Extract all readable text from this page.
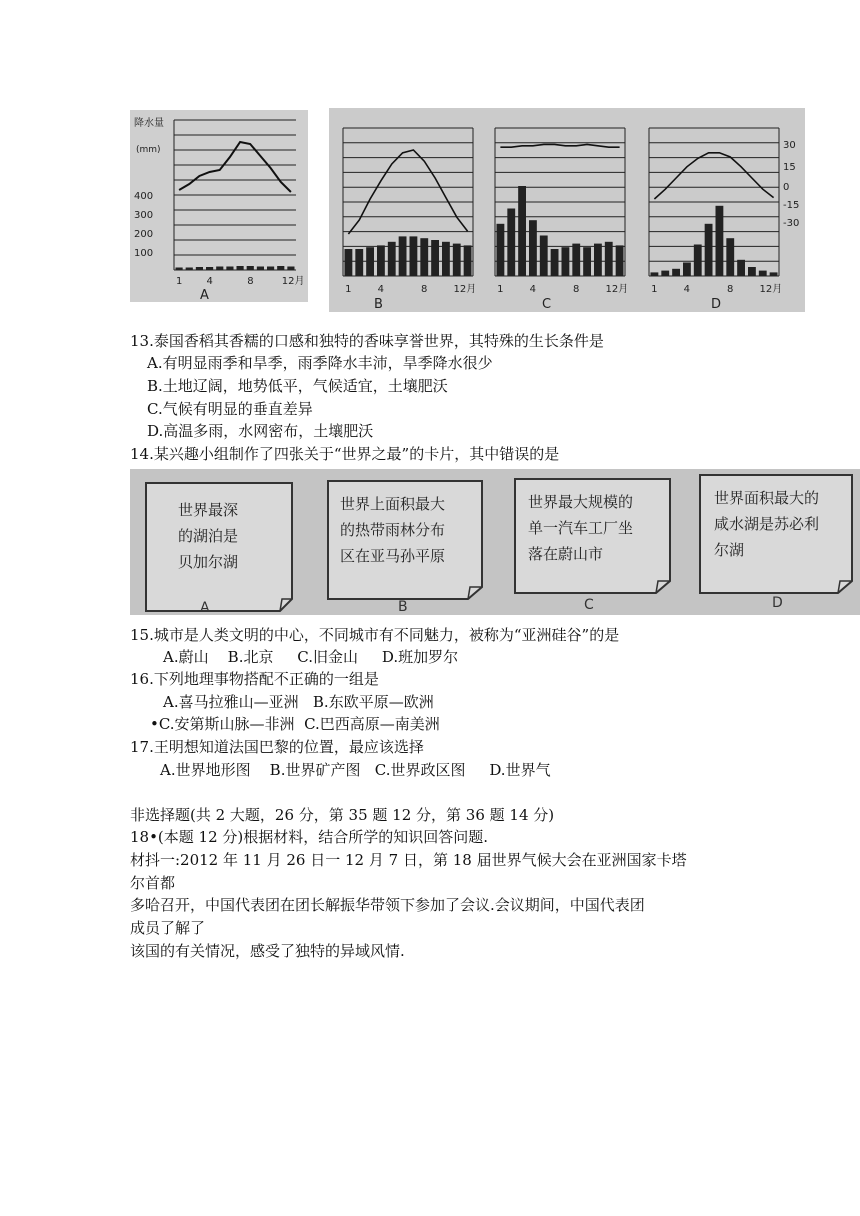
降水量
(mm)
400
300
200
100
1 4	8	12月
A	1	4	8	12月 1	4	8	12月 1	4	8	12月
30
15
0
-15
-30
B	C	D
13.泰国香稻其香糯的口感和独特的香味享誉世界，其特殊的生长条件是
A.有明显雨季和旱季，雨季降水丰沛，旱季降水很少
B.土地辽阔，地势低平，气候适宜，土壤肥沃
C.气候有明显的垂直差异
D.高温多雨，水网密布，土壤肥沃
14.某兴趣小组制作了四张关于“世界之最”的卡片，其中错误的是
世界最深
的湖泊是
贝加尔湖
A
世界上面积最大
的热带雨林分布
区在亚马孙平原
B
世界最大规模的
单一汽车工厂坐
落在蔚山市
C
世界面积最大的
咸水湖是苏必利
尔湖
D
15.城市是人类文明的中心，不同城市有不同魅力，被称为“亚洲硅谷”的是
A.蔚山    B.北京     C.旧金山     D.班加罗尔
16.下列地理事物搭配不正确的一组是
A.喜马拉雅山—亚洲   B.东欧平原—欧洲
•C.安第斯山脉—非洲  C.巴西高原—南美洲
17.王明想知道法国巴黎的位置，最应该选择
A.世界地形图    B.世界矿产图   C.世界政区图     D.世界气
非选择题(共 2 大题，26 分，第 35 题 12 分，第 36 题 14 分)
18•(本题 12 分)根据材料，结合所学的知识回答问题.
材抖一:2012 年 11 月 26 日一 12 月 7 日，第 18 届世界气候大会在亚洲国家卡塔
尔首都
多哈召开，中国代表团在团长解振华带领下参加了会议.会议期间，中国代表团
成员了解了
该国的有关情况，感受了独特的异域风情.
